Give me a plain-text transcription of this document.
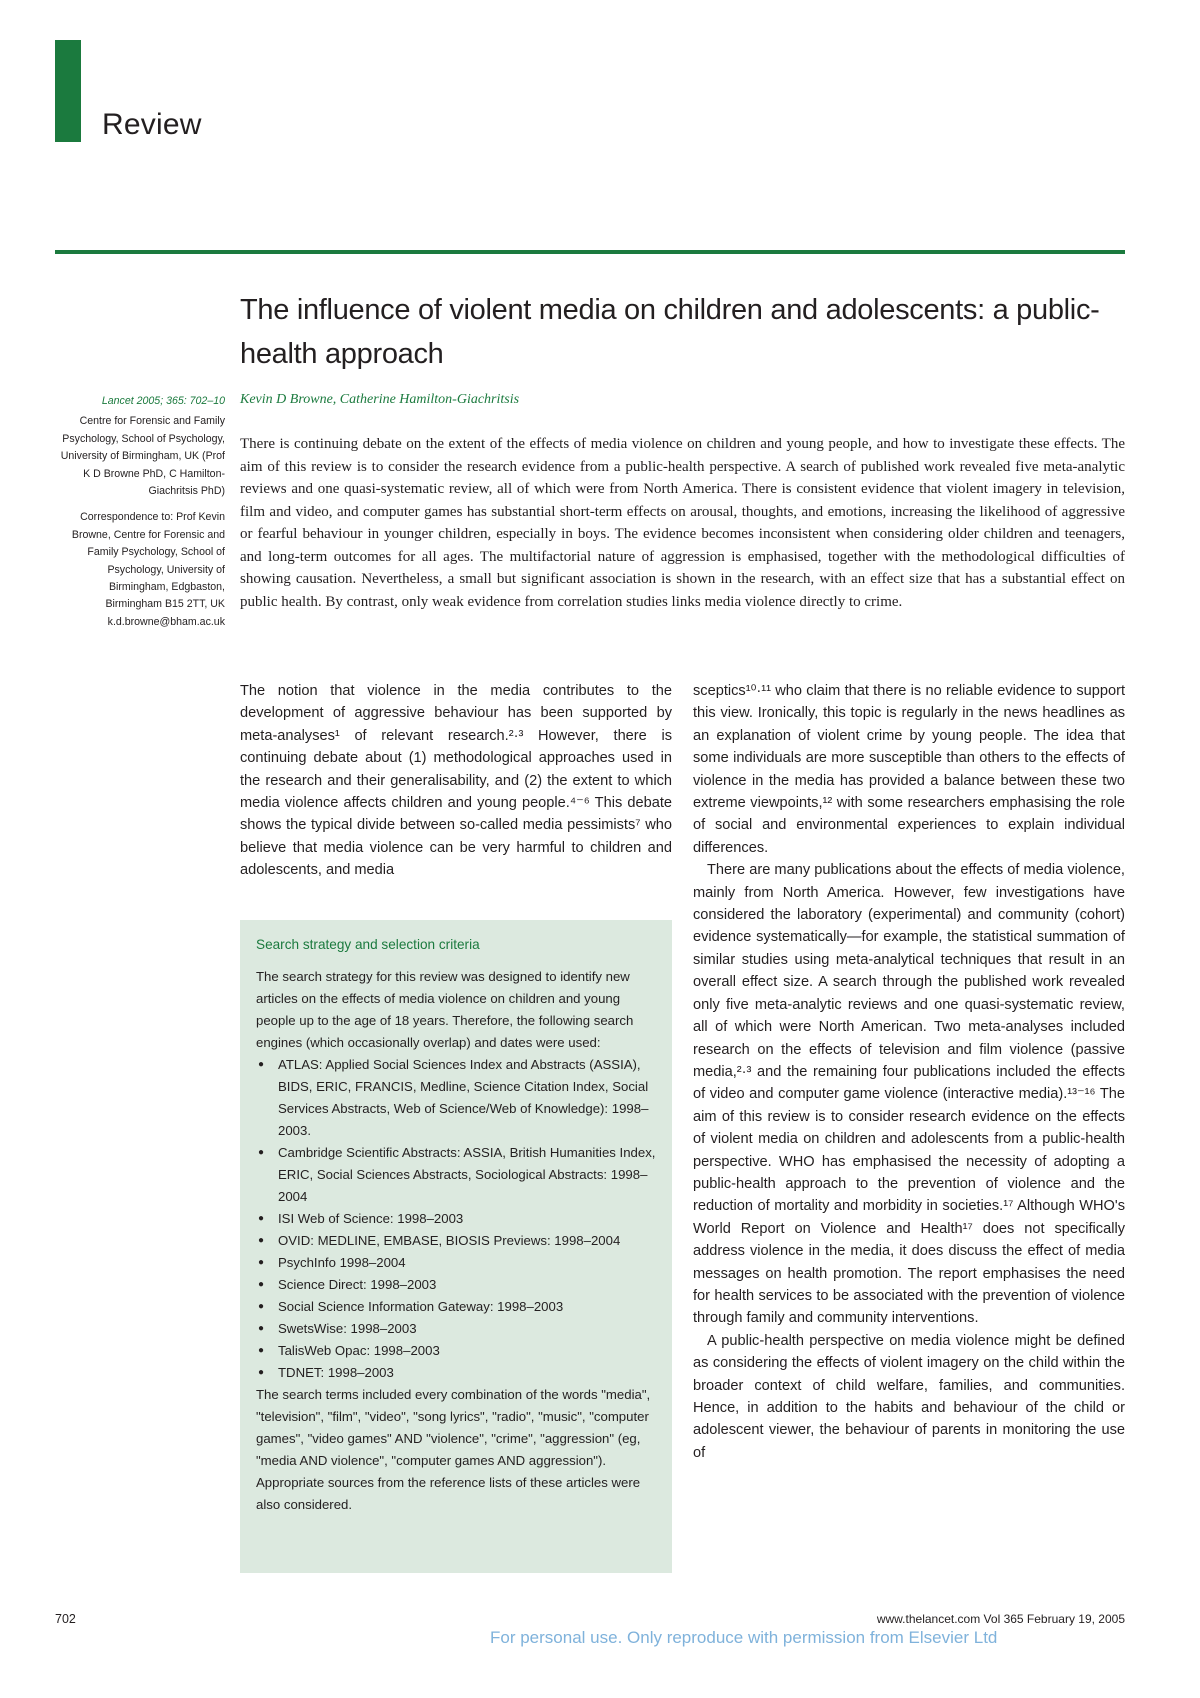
Review
The influence of violent media on children and adolescents: a public-health approach
Kevin D Browne, Catherine Hamilton-Giachritsis
Lancet 2005; 365: 702–10
Centre for Forensic and Family Psychology, School of Psychology, University of Birmingham, UK (Prof K D Browne PhD, C Hamilton-Giachritsis PhD)
Correspondence to: Prof Kevin Browne, Centre for Forensic and Family Psychology, School of Psychology, University of Birmingham, Edgbaston, Birmingham B15 2TT, UK k.d.browne@bham.ac.uk
There is continuing debate on the extent of the effects of media violence on children and young people, and how to investigate these effects. The aim of this review is to consider the research evidence from a public-health perspective. A search of published work revealed five meta-analytic reviews and one quasi-systematic review, all of which were from North America. There is consistent evidence that violent imagery in television, film and video, and computer games has substantial short-term effects on arousal, thoughts, and emotions, increasing the likelihood of aggressive or fearful behaviour in younger children, especially in boys. The evidence becomes inconsistent when considering older children and teenagers, and long-term outcomes for all ages. The multifactorial nature of aggression is emphasised, together with the methodological difficulties of showing causation. Nevertheless, a small but significant association is shown in the research, with an effect size that has a substantial effect on public health. By contrast, only weak evidence from correlation studies links media violence directly to crime.

The notion that violence in the media contributes to the development of aggressive behaviour has been supported by meta-analyses¹ of relevant research.²·³ However, there is continuing debate about (1) methodological approaches used in the research and their generalisability, and (2) the extent to which media violence affects children and young people.⁴⁻⁶ This debate shows the typical divide between so-called media pessimists⁷ who believe that media violence can be very harmful to children and adolescents, and media

Search strategy and selection criteria

The search strategy for this review was designed to identify new articles on the effects of media violence on children and young people up to the age of 18 years. Therefore, the following search engines (which occasionally overlap) and dates were used:

● ATLAS: Applied Social Sciences Index and Abstracts (ASSIA), BIDS, ERIC, FRANCIS, Medline, Science Citation Index, Social Services Abstracts, Web of Science/Web of Knowledge): 1998–2003.
● Cambridge Scientific Abstracts: ASSIA, British Humanities Index, ERIC, Social Sciences Abstracts, Sociological Abstracts: 1998–2004
● ISI Web of Science: 1998–2003
● OVID: MEDLINE, EMBASE, BIOSIS Previews: 1998–2004
● PsychInfo 1998–2004
● Science Direct: 1998–2003
● Social Science Information Gateway: 1998–2003
● SwetsWise: 1998–2003
● TalisWeb Opac: 1998–2003
● TDNET: 1998–2003

The search terms included every combination of the words "media", "television", "film", "video", "song lyrics", "radio", "music", "computer games", "video games" AND "violence", "crime", "aggression" (eg, "media AND violence", "computer games AND aggression"). Appropriate sources from the reference lists of these articles were also considered.

sceptics¹⁰·¹¹ who claim that there is no reliable evidence to support this view. Ironically, this topic is regularly in the news headlines as an explanation of violent crime by young people. The idea that some individuals are more susceptible than others to the effects of violence in the media has provided a balance between these two extreme viewpoints,¹² with some researchers emphasising the role of social and environmental experiences to explain individual differences.

There are many publications about the effects of media violence, mainly from North America. However, few investigations have considered the laboratory (experimental) and community (cohort) evidence systematically—for example, the statistical summation of similar studies using meta-analytical techniques that result in an overall effect size. A search through the published work revealed only five meta-analytic reviews and one quasi-systematic review, all of which were North American. Two meta-analyses included research on the effects of television and film violence (passive media,²·³ and the remaining four publications included the effects of video and computer game violence (interactive media).¹³⁻¹⁶ The aim of this review is to consider research evidence on the effects of violent media on children and adolescents from a public-health perspective. WHO has emphasised the necessity of adopting a public-health approach to the prevention of violence and the reduction of mortality and morbidity in societies.¹⁷ Although WHO's World Report on Violence and Health¹⁷ does not specifically address violence in the media, it does discuss the effect of media messages on health promotion. The report emphasises the need for health services to be associated with the prevention of violence through family and community interventions.

A public-health perspective on media violence might be defined as considering the effects of violent imagery on the child within the broader context of child welfare, families, and communities. Hence, in addition to the habits and behaviour of the child or adolescent viewer, the behaviour of parents in monitoring the use of

702	www.thelancet.com Vol 365 February 19, 2005
For personal use. Only reproduce with permission from Elsevier Ltd
